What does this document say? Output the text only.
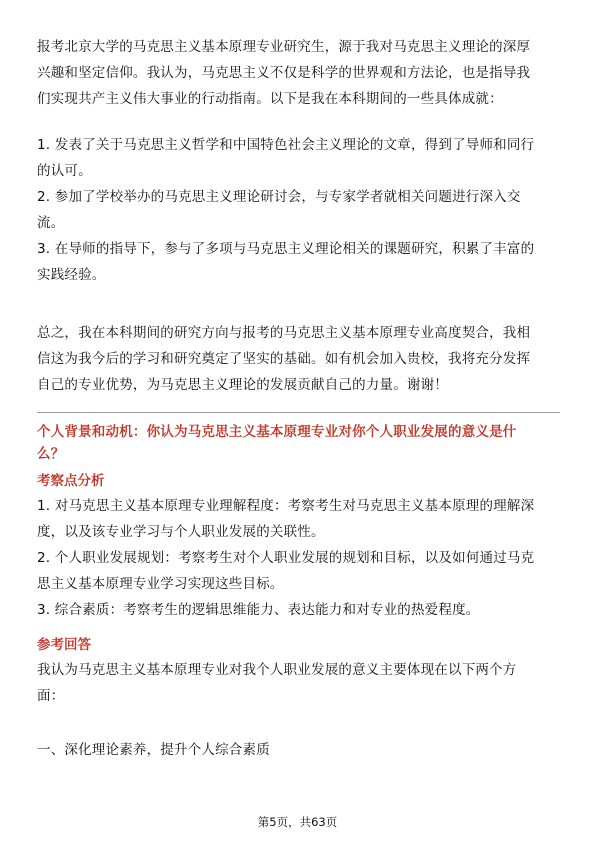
报考北京大学的马克思主义基本原理专业研究生，源于我对马克思主义理论的深厚

兴趣和坚定信仰。我认为，马克思主义不仅是科学的世界观和方法论，也是指导我

们实现共产主义伟大事业的行动指南。以下是我在本科期间的一些具体成就：

1. 发表了关于马克思主义哲学和中国特色社会主义理论的文章，得到了导师和同行

的认可。

2. 参加了学校举办的马克思主义理论研讨会，与专家学者就相关问题进行深入交

流。

3. 在导师的指导下，参与了多项与马克思主义理论相关的课题研究，积累了丰富的

实践经验。

总之，我在本科期间的研究方向与报考的马克思主义基本原理专业高度契合，我相

信这为我今后的学习和研究奠定了坚实的基础。如有机会加入贵校，我将充分发挥

自己的专业优势，为马克思主义理论的发展贡献自己的力量。谢谢！

个人背景和动机：你认为马克思主义基本原理专业对你个人职业发展的意义是什
么？
考察点分析

1. 对马克思主义基本原理专业理解程度：考察考生对马克思主义基本原理的理解深

度，以及该专业学习与个人职业发展的关联性。

2. 个人职业发展规划：考察考生对个人职业发展的规划和目标，以及如何通过马克

思主义基本原理专业学习实现这些目标。

3. 综合素质：考察考生的逻辑思维能力、表达能力和对专业的热爱程度。

参考回答

我认为马克思主义基本原理专业对我个人职业发展的意义主要体现在以下两个方

面：

一、深化理论素养，提升个人综合素质

第5页，共63页
